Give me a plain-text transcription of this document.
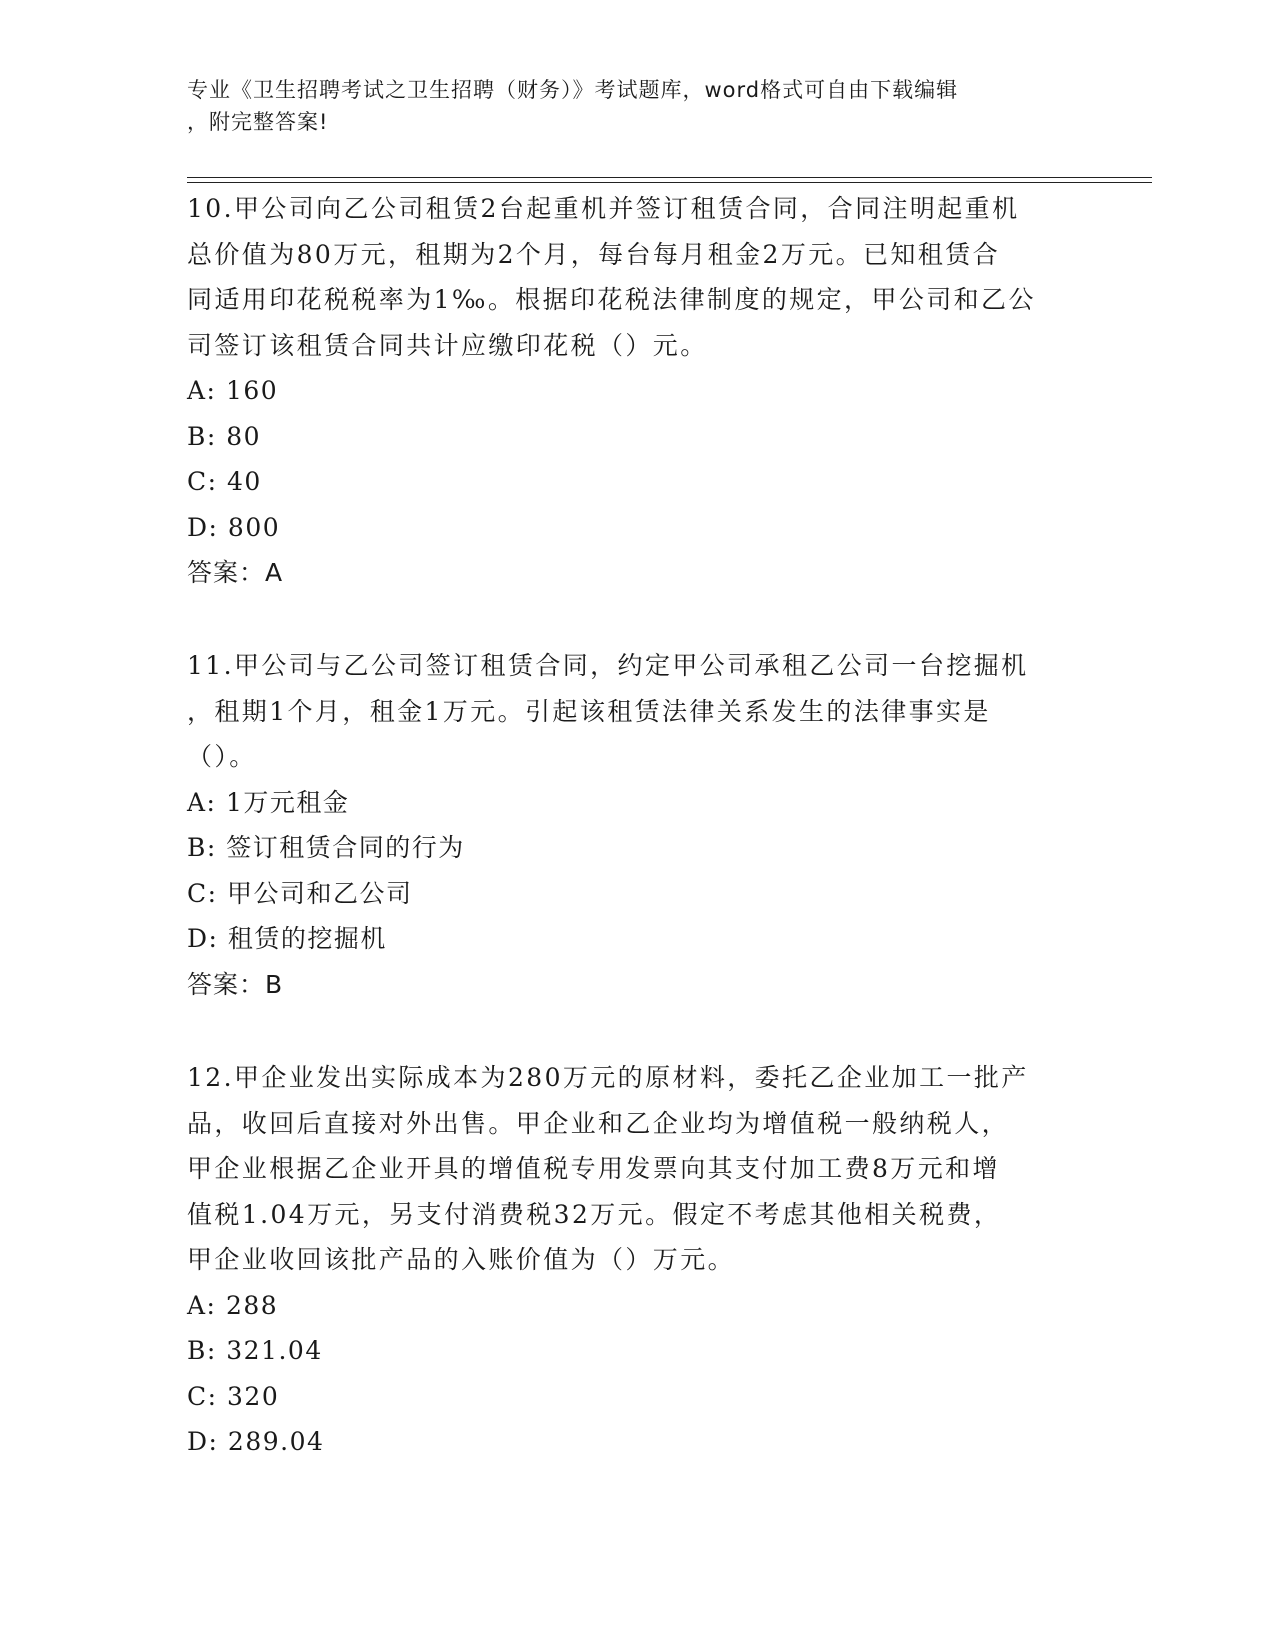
专业《卫生招聘考试之卫生招聘（财务）》考试题库，word格式可自由下载编辑
，附完整答案!
10.甲公司向乙公司租赁2台起重机并签订租赁合同，合同注明起重机
总价值为80万元，租期为2个月，每台每月租金2万元。已知租赁合
同适用印花税税率为1‰。根据印花税法律制度的规定，甲公司和乙公
司签订该租赁合同共计应缴印花税（）元。
A: 160
B: 80
C: 40
D: 800
答案：A
11.甲公司与乙公司签订租赁合同，约定甲公司承租乙公司一台挖掘机
，租期1个月，租金1万元。引起该租赁法律关系发生的法律事实是
（）。
A: 1万元租金
B: 签订租赁合同的行为
C: 甲公司和乙公司
D: 租赁的挖掘机
答案：B
12.甲企业发出实际成本为280万元的原材料，委托乙企业加工一批产
品，收回后直接对外出售。甲企业和乙企业均为增值税一般纳税人，
甲企业根据乙企业开具的增值税专用发票向其支付加工费8万元和增
值税1.04万元，另支付消费税32万元。假定不考虑其他相关税费，
甲企业收回该批产品的入账价值为（）万元。
A: 288
B: 321.04
C: 320
D: 289.04
